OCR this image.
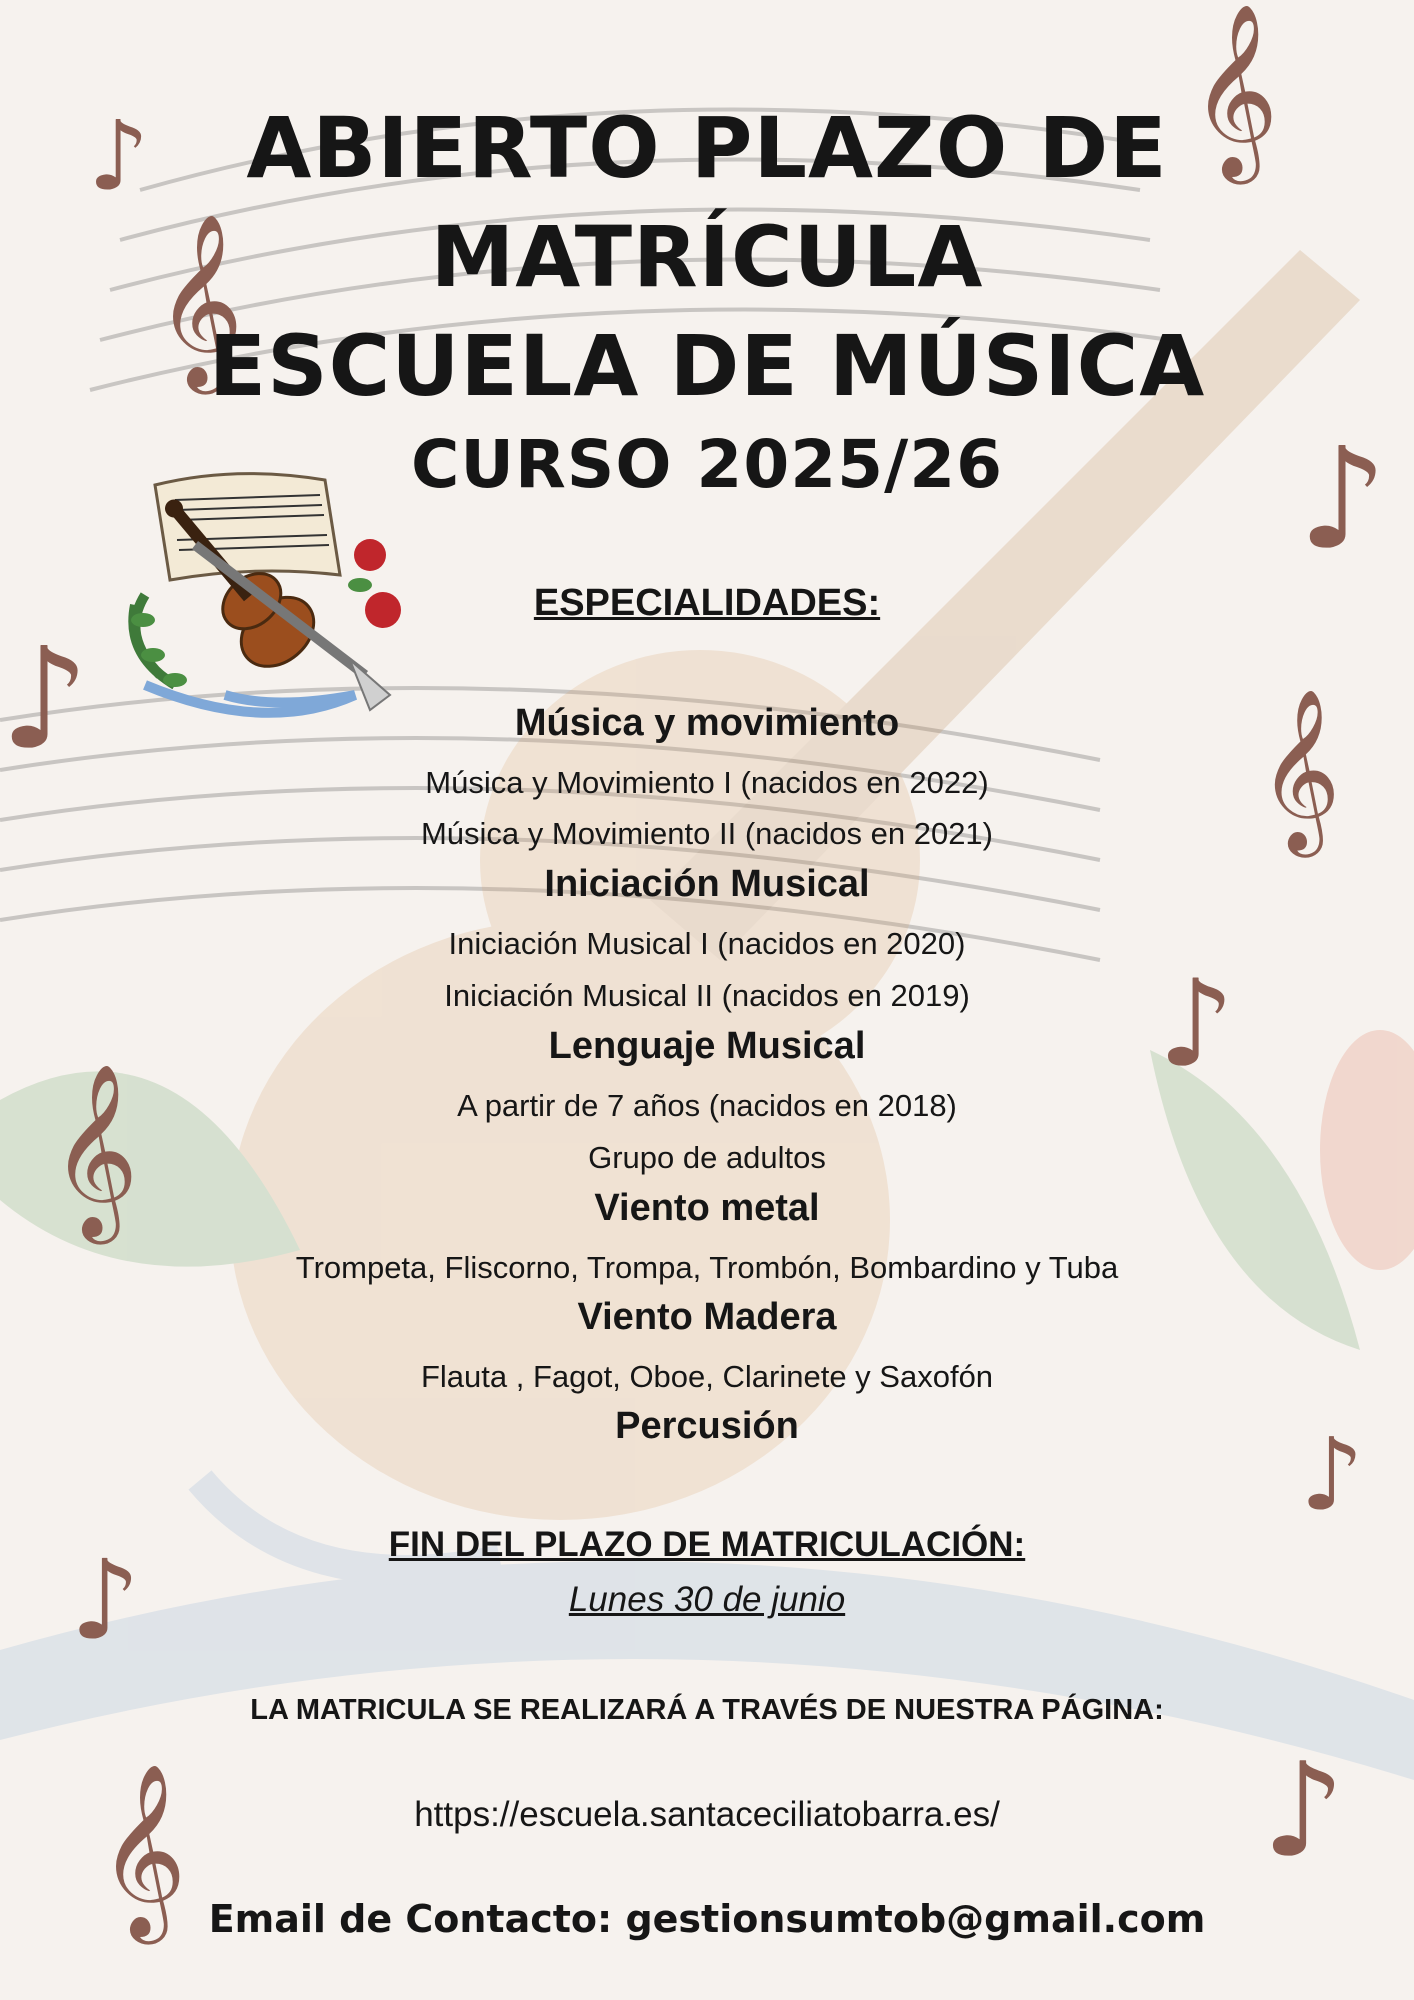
♪
𝄞
𝄞
♪
♪	𝄞
♪
𝄞
♪
♪
𝄞	♪
ABIERTO PLAZO DE
MATRÍCULA
ESCUELA DE MÚSICA
CURSO 2025/26
ESPECIALIDADES:
Música y movimiento
Música y Movimiento I (nacidos en 2022)
Música y Movimiento II (nacidos en 2021)
Iniciación Musical
Iniciación Musical I (nacidos en 2020)
Iniciación Musical II (nacidos en 2019)
Lenguaje Musical
A partir de 7 años (nacidos en 2018)
Grupo de adultos
Viento metal
Trompeta, Fliscorno, Trompa, Trombón, Bombardino y Tuba
Viento Madera
Flauta , Fagot, Oboe, Clarinete y Saxofón
Percusión
FIN DEL PLAZO DE MATRICULACIÓN:
Lunes 30 de junio
LA MATRICULA SE REALIZARÁ A TRAVÉS DE NUESTRA PÁGINA:
https://escuela.santaceciliatobarra.es/
Email de Contacto: gestionsumtob@gmail.com
